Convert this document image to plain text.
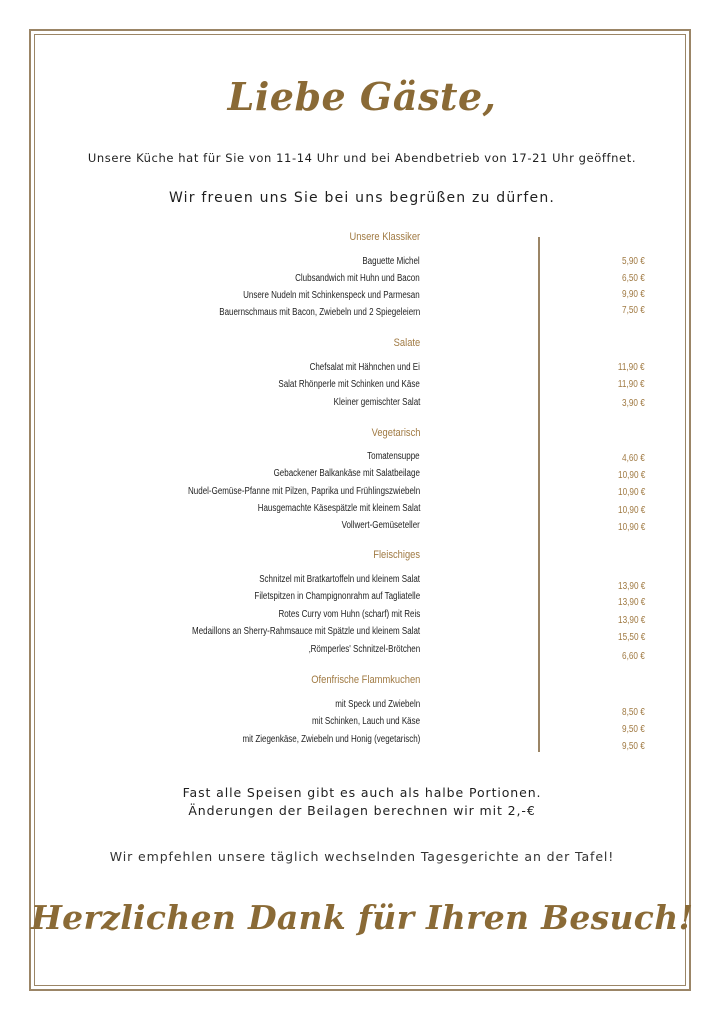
Liebe Gäste,
Unsere Küche hat für Sie von 11-14 Uhr und bei Abendbetrieb von 17-21 Uhr geöffnet.
Wir freuen uns Sie bei uns begrüßen zu dürfen.
Unsere Klassiker
Baguette Michel
Clubsandwich mit Huhn und Bacon
Unsere Nudeln mit Schinkenspeck und Parmesan
Bauernschmaus mit Bacon, Zwiebeln und 2 Spiegeleiern
5,90 €
6,50 €
9,90 €
7,50 €
Salate
Chefsalat mit Hähnchen und Ei
Salat Rhönperle mit Schinken und Käse
Kleiner gemischter Salat
11,90 €
11,90 €
3,90 €
Vegetarisch
Tomatensuppe
Gebackener Balkankäse mit Salatbeilage
Nudel-Gemüse-Pfanne mit Pilzen, Paprika und Frühlingszwiebeln
Hausgemachte Käsespätzle mit kleinem Salat
Vollwert-Gemüseteller
4,60 €
10,90 €
10,90 €
10,90 €
10,90 €
Fleischiges
Schnitzel mit Bratkartoffeln und kleinem Salat
Filetspitzen in Champignonrahm auf Tagliatelle
Rotes Curry vom Huhn (scharf) mit Reis
Medaillons an Sherry-Rahmsauce mit Spätzle und kleinem Salat
‚Römperles' Schnitzel-Brötchen
13,90 €
13,90 €
13,90 €
15,50 €
6,60 €
Ofenfrische Flammkuchen
mit Speck und Zwiebeln
mit Schinken, Lauch und Käse
mit Ziegenkäse, Zwiebeln und Honig (vegetarisch)
8,50 €
9,50 €
9,50 €
Fast alle Speisen gibt es auch als halbe Portionen.
Änderungen der Beilagen berechnen wir mit 2,-€
Wir empfehlen unsere täglich wechselnden Tagesgerichte an der Tafel!
Herzlichen Dank für Ihren Besuch!
